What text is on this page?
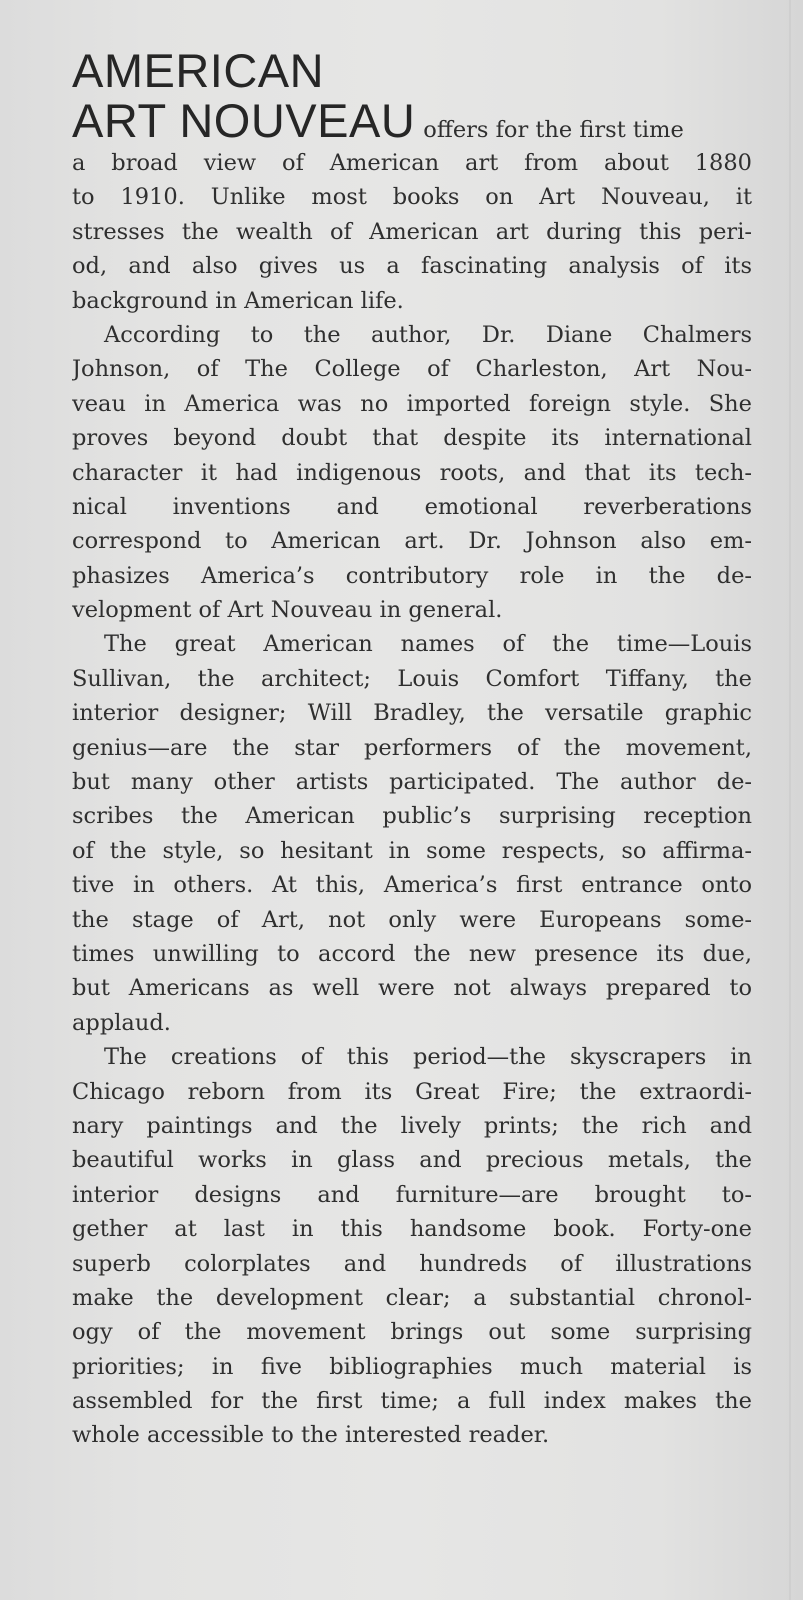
AMERICAN
ART NOUVEAU offers for the first time
a broad view of American art from about 1880
to 1910. Unlike most books on Art Nouveau, it
stresses the wealth of American art during this peri-
od, and also gives us a fascinating analysis of its
background in American life.
According to the author, Dr. Diane Chalmers
Johnson, of The College of Charleston, Art Nou-
veau in America was no imported foreign style. She
proves beyond doubt that despite its international
character it had indigenous roots, and that its tech-
nical inventions and emotional reverberations
correspond to American art. Dr. Johnson also em-
phasizes America’s contributory role in the de-
velopment of Art Nouveau in general.
The great American names of the time—Louis
Sullivan, the architect; Louis Comfort Tiffany, the
interior designer; Will Bradley, the versatile graphic
genius—are the star performers of the movement,
but many other artists participated. The author de-
scribes the American public’s surprising reception
of the style, so hesitant in some respects, so affirma-
tive in others. At this, America’s first entrance onto
the stage of Art, not only were Europeans some-
times unwilling to accord the new presence its due,
but Americans as well were not always prepared to
applaud.
The creations of this period—the skyscrapers in
Chicago reborn from its Great Fire; the extraordi-
nary paintings and the lively prints; the rich and
beautiful works in glass and precious metals, the
interior designs and furniture—are brought to-
gether at last in this handsome book. Forty-one
superb colorplates and hundreds of illustrations
make the development clear; a substantial chronol-
ogy of the movement brings out some surprising
priorities; in five bibliographies much material is
assembled for the first time; a full index makes the
whole accessible to the interested reader.
